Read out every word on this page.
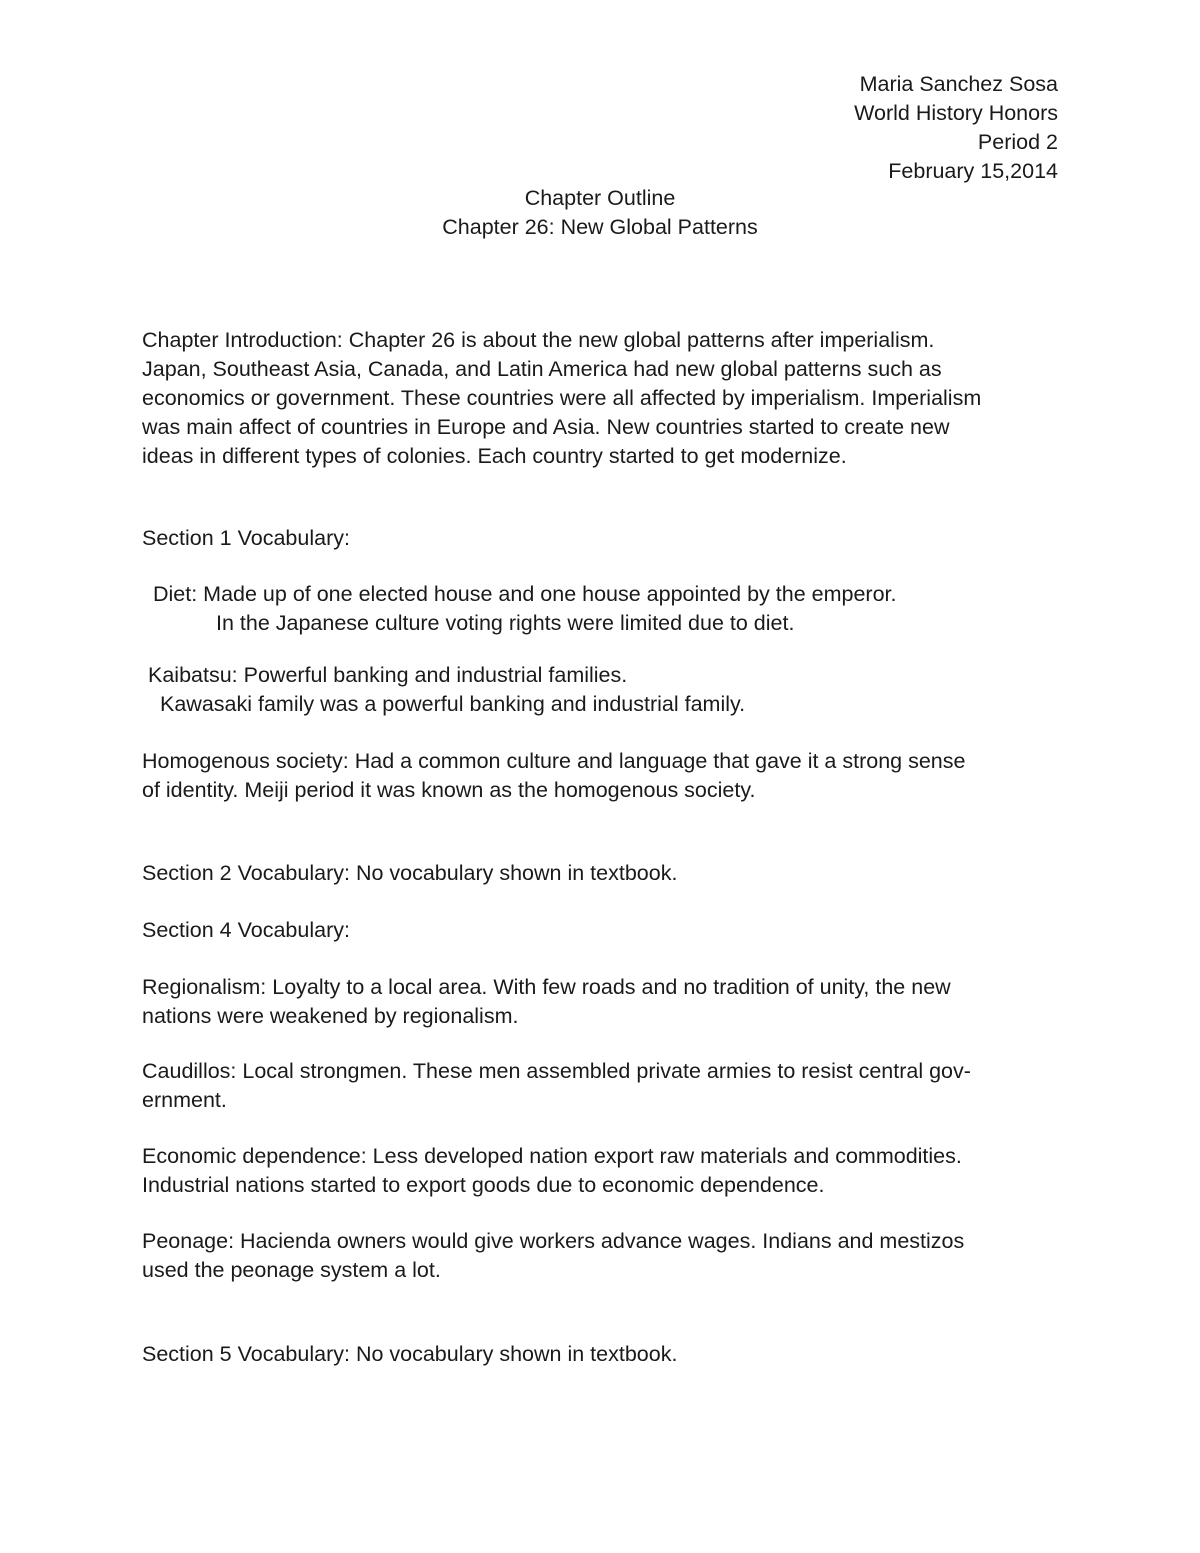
Maria Sanchez Sosa
World History Honors
Period 2
February 15,2014
Chapter Outline
Chapter 26: New Global Patterns
Chapter Introduction: Chapter 26 is about the new global patterns after imperialism.
Japan, Southeast Asia, Canada, and Latin America had new global patterns such as
economics or government. These countries were all affected by imperialism. Imperialism
was main affect of countries in Europe and Asia. New countries started to create new
ideas in different types of colonies. Each country started to get modernize.
Section 1 Vocabulary:
Diet: Made up of one elected house and one house appointed by the emperor.
In the Japanese culture voting rights were limited due to diet.
Kaibatsu: Powerful banking and industrial families.
Kawasaki family was a powerful banking and industrial family.
Homogenous society: Had a common culture and language that gave it a strong sense
of identity. Meiji period it was known as the homogenous society.
Section 2 Vocabulary: No vocabulary shown in textbook.
Section 4 Vocabulary:
Regionalism: Loyalty to a local area. With few roads and no tradition of unity, the new
nations were weakened by regionalism.
Caudillos: Local strongmen. These men assembled private armies to resist central gov-
ernment.
Economic dependence: Less developed nation export raw materials and commodities.
Industrial nations started to export goods due to economic dependence.
Peonage: Hacienda owners would give workers advance wages. Indians and mestizos
used the peonage system a lot.
Section 5 Vocabulary: No vocabulary shown in textbook.
